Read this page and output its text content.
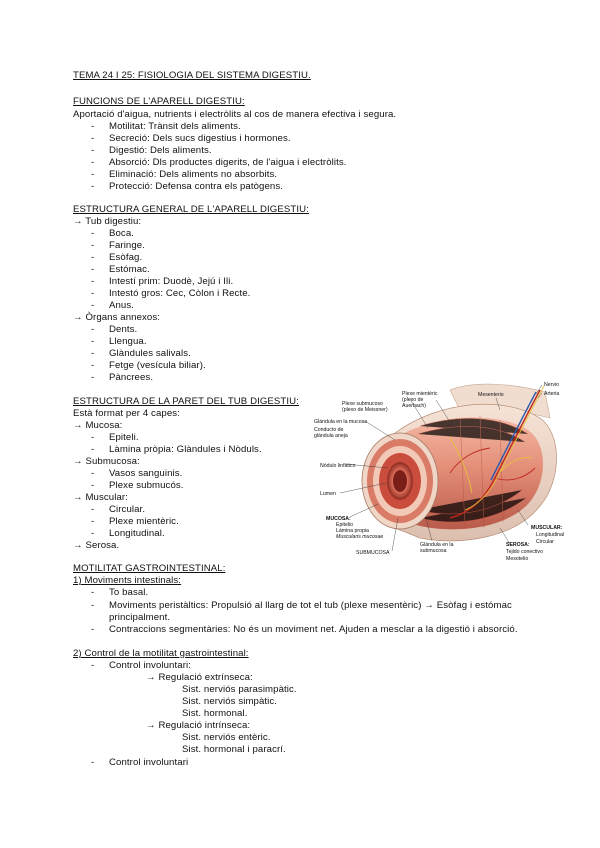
TEMA 24 I 25: FISIOLOGIA DEL SISTEMA DIGESTIU.
FUNCIONS DE L'APARELL DIGESTIU:
Aportació d'aigua, nutrients i electròlits al cos de manera efectiva i segura.
- Motilitat: Trànsit dels aliments.
- Secreció: Dels sucs digestius i hormones.
- Digestió: Dels aliments.
- Absorció: Dls productes digerits, de l'aigua i electròlits.
- Eliminació: Dels aliments no absorbits.
- Protecció: Defensa contra els patògens.
ESTRUCTURA GENERAL DE L'APARELL DIGESTIU:
→ Tub digestiu:
- Boca.
- Faringe.
- Esòfag.
- Estómac.
- Intestí prim: Duodè, Jejú i Ili.
- Intestó gros: Cec, Còlon i Recte.
- Anus.
→ Òrgans annexos:
- Dents.
- Llengua.
- Glàndules salivals.
- Fetge (vesícula biliar).
- Pàncrees.
ESTRUCTURA DE LA PARET DEL TUB DIGESTIU:
Està format per 4 capes:
→ Mucosa:
- Epiteli.
- Làmina pròpia: Glàndules i Nòduls.
→ Submucosa:
- Vasos sanguinis.
- Plexe submucós.
→ Muscular:
- Circular.
- Plexe mientèric.
- Longitudinal.
→ Serosa.
Nervio
Arteria
Plexe mientèric
(plexo de
Auerbach)
Mesenterio
Plexe submucoso
(plexo de Meissner)
Glándula en la mucosa
Conducto de
glándula aneja
Nódulo linfático
Lumen
MUCOSA:
Epitelio
Lámina propia
Muscularis mucosae
SUBMUCOSA
Glándula en la
submucosa
MUSCULAR:
Longitudinal
Circular
SEROSA:
Tejido conectivo
Mesotelio
MOTILITAT GASTROINTESTINAL:
1) Moviments intestinals:
- To basal.
- Moviments peristàltics: Propulsió al llarg de tot el tub (plexe mesentèric) → Esòfag i estómac
principalment.
- Contraccions segmentàries: No és un moviment net. Ajuden a mesclar a la digestió i absorció.
2) Control de la motilitat gastrointestinal:
- Control involuntari:
→ Regulació extrínseca:
Sist. nerviós parasimpàtic.
Sist. nerviós simpàtic.
Sist. hormonal.
→ Regulació intrínseca:
Sist. nerviós entèric.
Sist. hormonal i paracrí.
- Control involuntari
